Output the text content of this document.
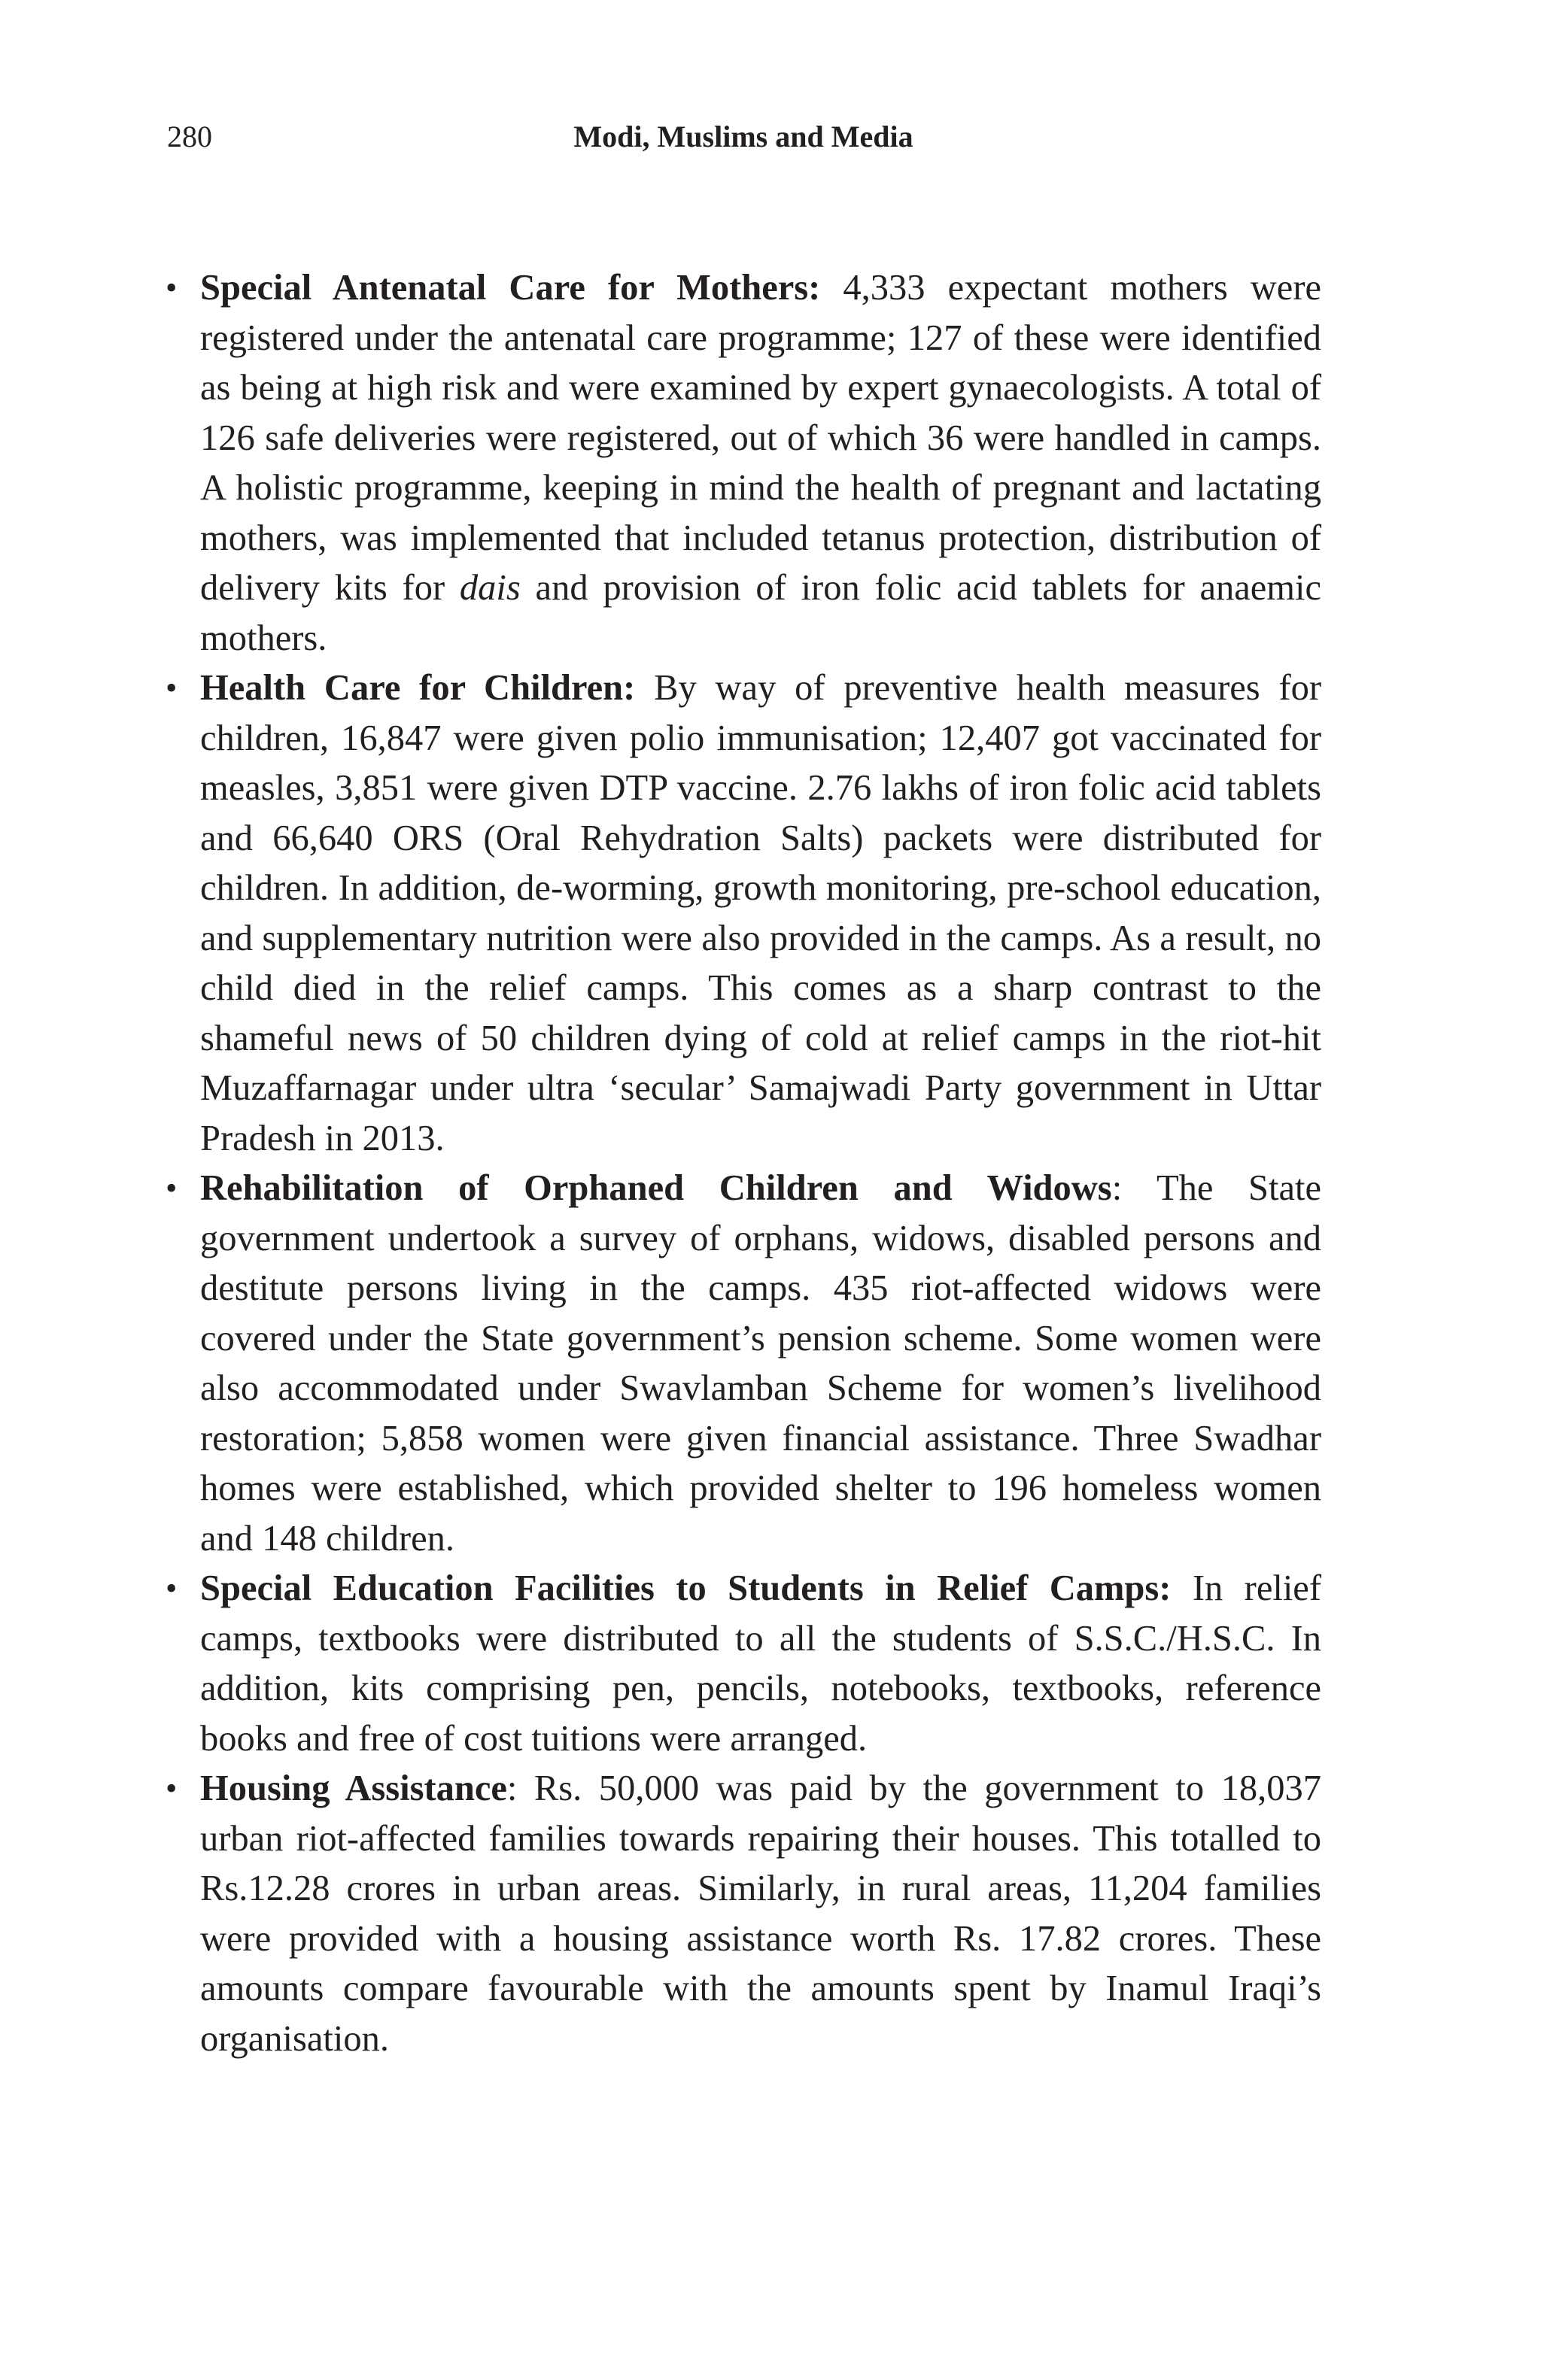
280	Modi, Muslims and Media
• Special Antenatal Care for Mothers: 4,333 expectant mothers were registered under the antenatal care programme; 127 of these were identified as being at high risk and were examined by expert gynaecologists. A total of 126 safe deliveries were registered, out of which 36 were handled in camps. A holistic programme, keeping in mind the health of pregnant and lactating mothers, was implemented that included tetanus protection, distribution of delivery kits for dais and provision of iron folic acid tablets for anaemic mothers.
• Health Care for Children: By way of preventive health measures for children, 16,847 were given polio immunisation; 12,407 got vaccinated for measles, 3,851 were given DTP vaccine. 2.76 lakhs of iron folic acid tablets and 66,640 ORS (Oral Rehydration Salts) packets were distributed for children. In addition, de-worming, growth monitoring, pre-school education, and supplementary nutrition were also provided in the camps. As a result, no child died in the relief camps. This comes as a sharp contrast to the shameful news of 50 children dying of cold at relief camps in the riot-hit Muzaffarnagar under ultra ‘secular’ Samajwadi Party government in Uttar Pradesh in 2013.
• Rehabilitation of Orphaned Children and Widows: The State government undertook a survey of orphans, widows, disabled persons and destitute persons living in the camps. 435 riot-affected widows were covered under the State government’s pension scheme. Some women were also accommodated under Swavlamban Scheme for women’s livelihood restoration; 5,858 women were given financial assistance. Three Swadhar homes were established, which provided shelter to 196 homeless women and 148 children.
• Special Education Facilities to Students in Relief Camps: In relief camps, textbooks were distributed to all the students of S.S.C./H.S.C. In addition, kits comprising pen, pencils, notebooks, textbooks, reference books and free of cost tuitions were arranged.
• Housing Assistance: Rs. 50,000 was paid by the government to 18,037 urban riot-affected families towards repairing their houses. This totalled to Rs.12.28 crores in urban areas. Similarly, in rural areas, 11,204 families were provided with a housing assistance worth Rs. 17.82 crores. These amounts compare favourable with the amounts spent by Inamul Iraqi’s organisation.
